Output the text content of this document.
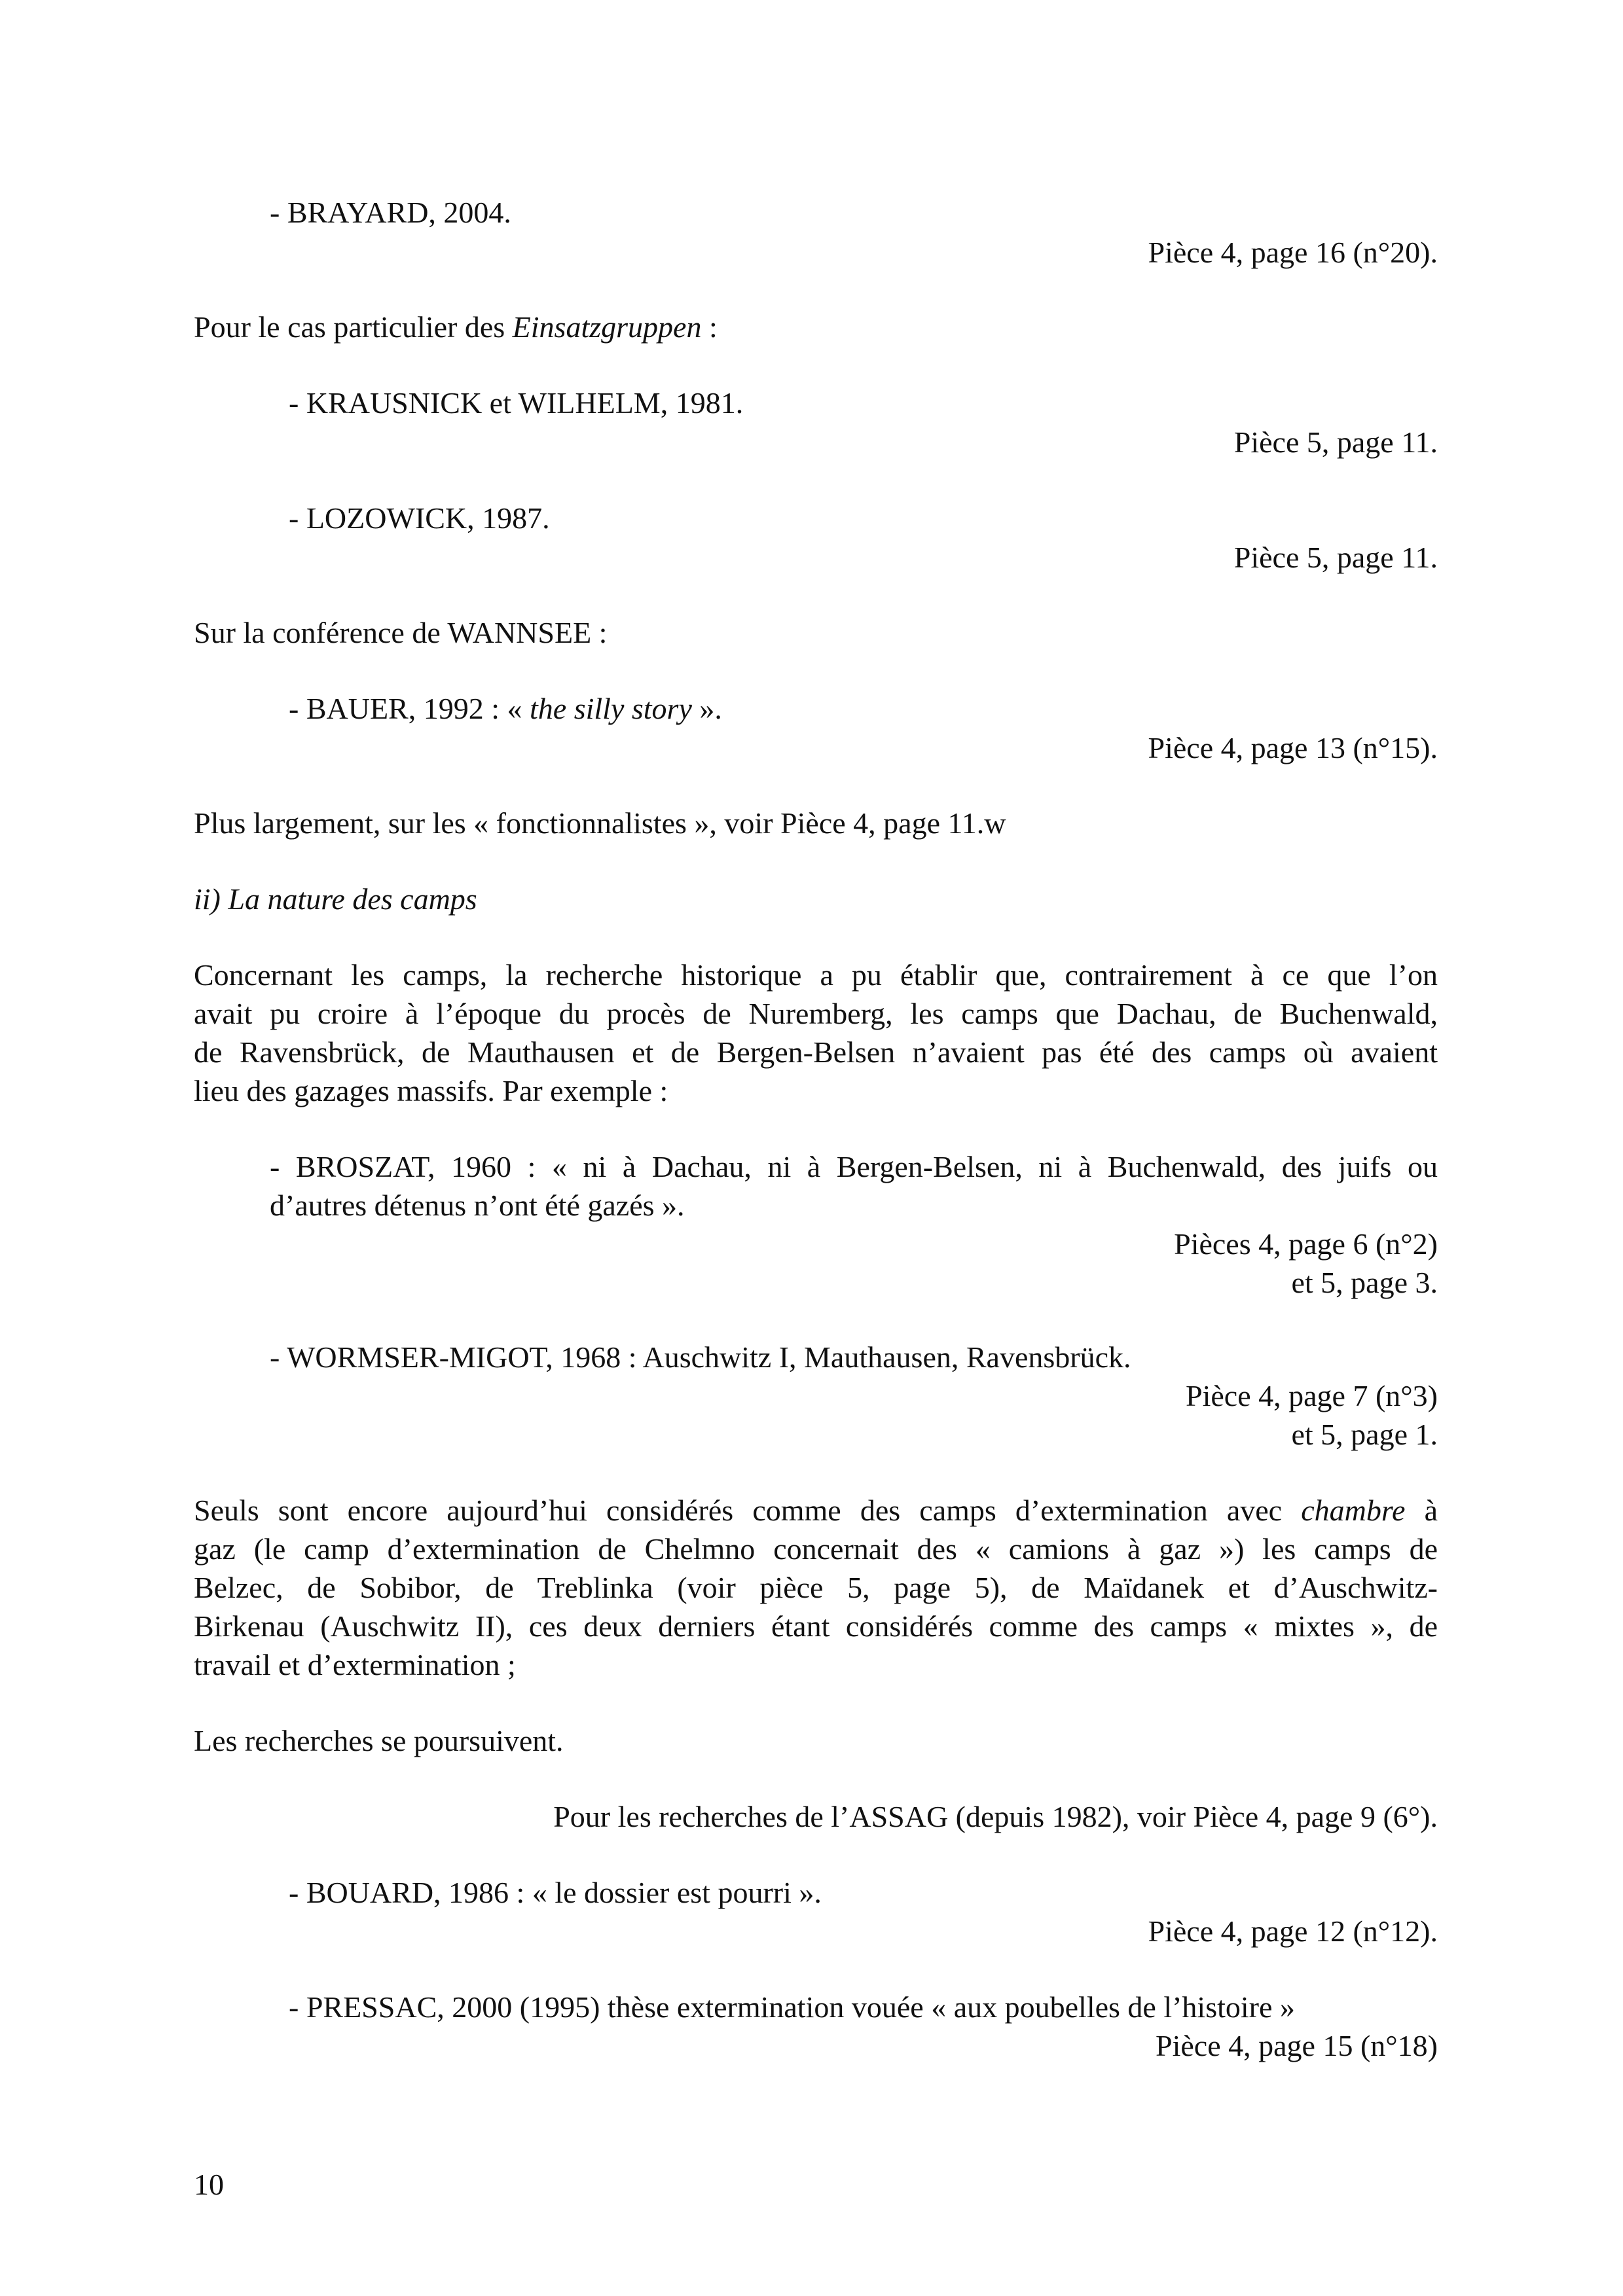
- BRAYARD, 2004.
Pièce 4, page 16 (n°20).
Pour le cas particulier des Einsatzgruppen :
- KRAUSNICK et WILHELM, 1981.
Pièce 5, page 11.
- LOZOWICK, 1987.
Pièce 5, page 11.
Sur la conférence de WANNSEE :
- BAUER, 1992 : « the silly story ».
Pièce 4, page 13 (n°15).
Plus largement, sur les « fonctionnalistes », voir Pièce 4, page 11.w
ii) La nature des camps
Concernant les camps, la recherche historique a pu établir que, contrairement à ce que l’on
avait pu croire à l’époque du procès de Nuremberg, les camps que Dachau, de Buchenwald,
de Ravensbrück, de Mauthausen et de Bergen-Belsen n’avaient pas été des camps où avaient
lieu des gazages massifs. Par exemple :
- BROSZAT, 1960 : « ni à Dachau, ni à Bergen-Belsen, ni à Buchenwald, des juifs ou
d’autres détenus n’ont été gazés ».
Pièces 4, page 6 (n°2)
et 5, page 3.
- WORMSER-MIGOT, 1968 : Auschwitz I, Mauthausen, Ravensbrück.
Pièce 4, page 7 (n°3)
et 5, page 1.
Seuls sont encore aujourd’hui considérés comme des camps d’extermination avec chambre à
gaz (le camp d’extermination de Chelmno concernait des « camions à gaz ») les camps de
Belzec, de Sobibor, de Treblinka (voir pièce 5, page 5), de Maïdanek et d’Auschwitz-
Birkenau (Auschwitz II), ces deux derniers étant considérés comme des camps « mixtes », de
travail et d’extermination ;
Les recherches se poursuivent.
Pour les recherches de l’ASSAG (depuis 1982), voir Pièce 4, page 9 (6°).
- BOUARD, 1986 : « le dossier est pourri ».
Pièce 4, page 12 (n°12).
- PRESSAC, 2000 (1995) thèse extermination vouée « aux poubelles de l’histoire »
Pièce 4, page 15 (n°18)
10
